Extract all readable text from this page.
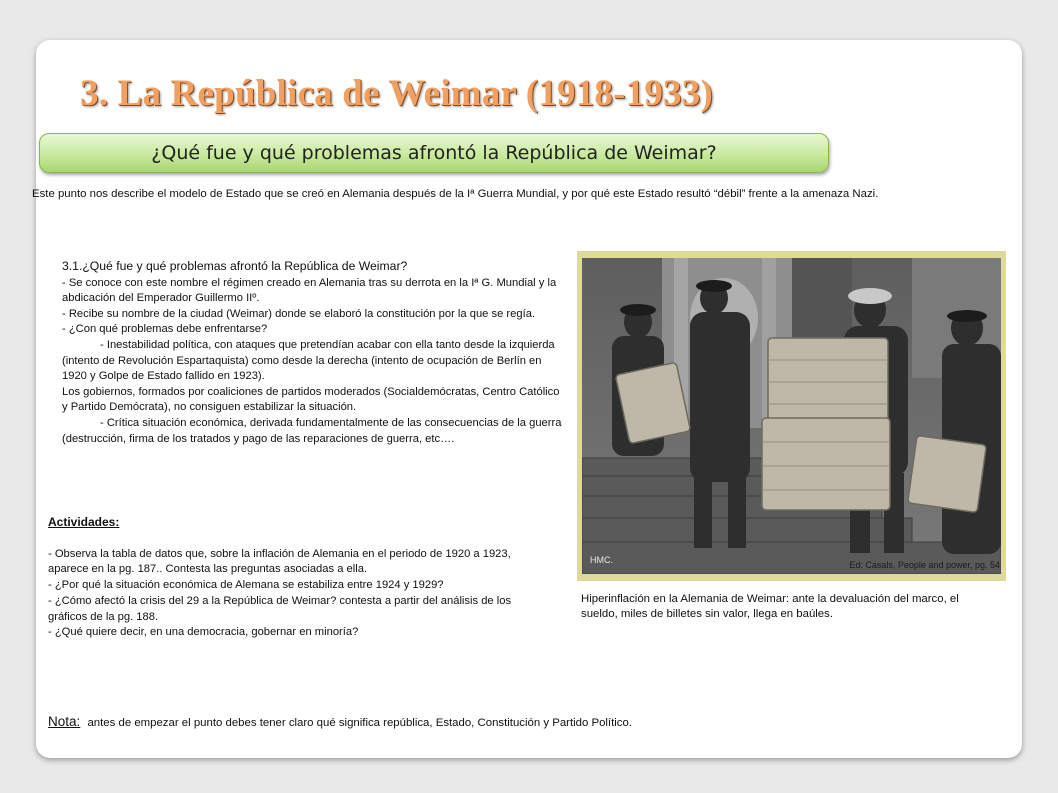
3. La República de Weimar (1918-1933)
¿Qué fue y qué problemas afrontó la República de Weimar?
Este punto nos describe el modelo de Estado que se creó en Alemania después de la Iª Guerra Mundial, y por qué este Estado resultó “débil” frente a la amenaza Nazi.
3.1.¿Qué fue y qué problemas afrontó la República de Weimar?
- Se conoce con este nombre el régimen creado en Alemania tras su derrota en la Iª G. Mundial y la abdicación del Emperador Guillermo IIº.
- Recibe su nombre de la ciudad (Weimar) donde se elaboró la constitución por la que se regía.
- ¿Con qué problemas debe enfrentarse?
- Inestabilidad política, con ataques que pretendían acabar con ella tanto desde la izquierda (intento de Revolución Espartaquista) como desde la derecha (intento de ocupación de Berlín en 1920 y Golpe de Estado fallido en 1923).
Los gobiernos, formados por coaliciones de partidos moderados (Socialdemócratas, Centro Católico y Partido Demócrata), no consiguen estabilizar la situación.
- Crítica situación económica, derivada fundamentalmente de las consecuencias de la guerra (destrucción, firma de los tratados y pago de las reparaciones de guerra, etc….
HMC.	Ed: Casals, People and power, pg. 54
Hiperinflación en la Alemania de Weimar: ante la devaluación del marco, el sueldo, miles de billetes sin valor, llega en baúles.
Actividades:
- Observa la tabla de datos que, sobre la inflación de Alemania en el periodo de 1920 a 1923, aparece en la pg. 187.. Contesta las preguntas asociadas a ella.
- ¿Por qué la situación económica de Alemana se estabiliza entre 1924 y 1929?
- ¿Cómo afectó la crisis del 29 a la República de Weimar? contesta a partir del análisis de los gráficos de la pg. 188.
- ¿Qué quiere decir, en una democracia, gobernar en minoría?
Nota: antes de empezar el punto debes tener claro qué significa república, Estado, Constitución y Partido Político.
